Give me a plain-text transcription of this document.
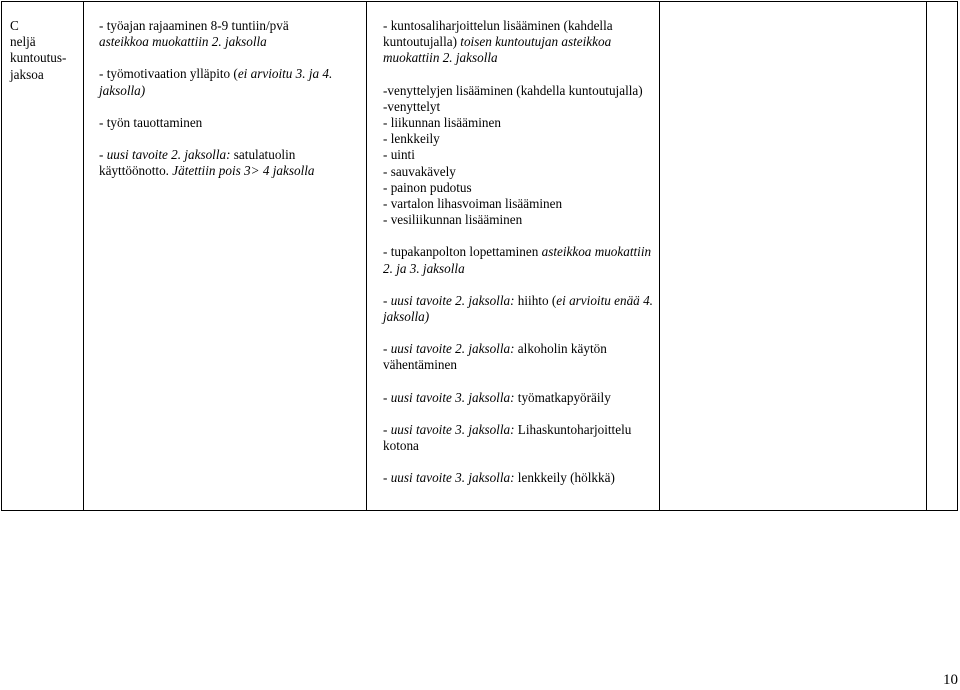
C
neljä
kuntoutus-
jaksoa

- työajan rajaaminen 8-9 tuntiin/pvä
asteikkoa muokattiin 2. jaksolla

- työmotivaation ylläpito (ei arvioitu 3. ja 4. jaksolla)

- työn tauottaminen

- uusi tavoite 2. jaksolla: satulatuolin käyttöönotto. Jätettiin pois 3> 4 jaksolla

- kuntosaliharjoittelun lisääminen (kahdella kuntoutujalla) toisen kuntoutujan asteikkoa muokattiin 2. jaksolla

-venyttelyjen lisääminen (kahdella kuntoutujalla)
-venyttelyt
- liikunnan lisääminen
- lenkkeily
- uinti
- sauvakävely
- painon pudotus
- vartalon lihasvoiman lisääminen
- vesiliikunnan lisääminen

- tupakanpolton lopettaminen asteikkoa muokattiin 2. ja 3. jaksolla

- uusi tavoite 2. jaksolla: hiihto (ei arvioitu enää 4. jaksolla)

- uusi tavoite 2. jaksolla: alkoholin käytön vähentäminen

- uusi tavoite 3. jaksolla: työmatkapyöräily

- uusi tavoite 3. jaksolla: Lihaskuntoharjoittelu kotona

- uusi tavoite 3. jaksolla: lenkkeily (hölkkä)

10
